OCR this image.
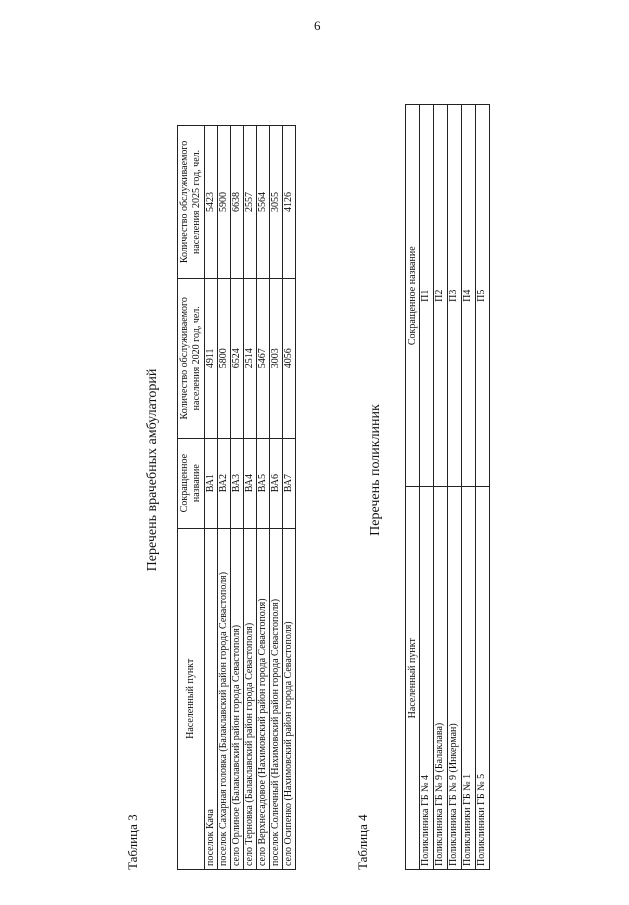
6
Таблица 3
Перечень врачебных амбулаторий
Населенный пункт	Сокращенное название	Количество обслуживаемого населения 2020 год, чел.	Количество обслуживаемого населения 2025 год, чел.
поселок Кача	ВА1	4911	5423
поселок Сахарная головка (Балаклавский район города Севастополя)	ВА2	5800	5900
село Орлиное (Балаклавский район города Севастополя)	ВА3	6524	6638
село Терновка (Балаклавский район города Севастополя)	ВА4	2514	2557
село Верхнесадовое (Нахимовский район города Севастополя)	ВА5	5467	5564
поселок Солнечный (Нахимовский район города Севастополя)	ВА6	3003	3055
село Осипенко (Нахимовский район города Севастополя)	ВА7	4056	4126
Таблица 4
Перечень поликлиник
Населенный пункт	Сокращенное название
Поликлиника ГБ № 4	П1
Поликлиника ГБ № 9 (Балаклава)	П2
Поликлиника ГБ № 9 (Инкерман)	П3
Поликлиники ГБ № 1	П4
Поликлиники ГБ № 5	П5
